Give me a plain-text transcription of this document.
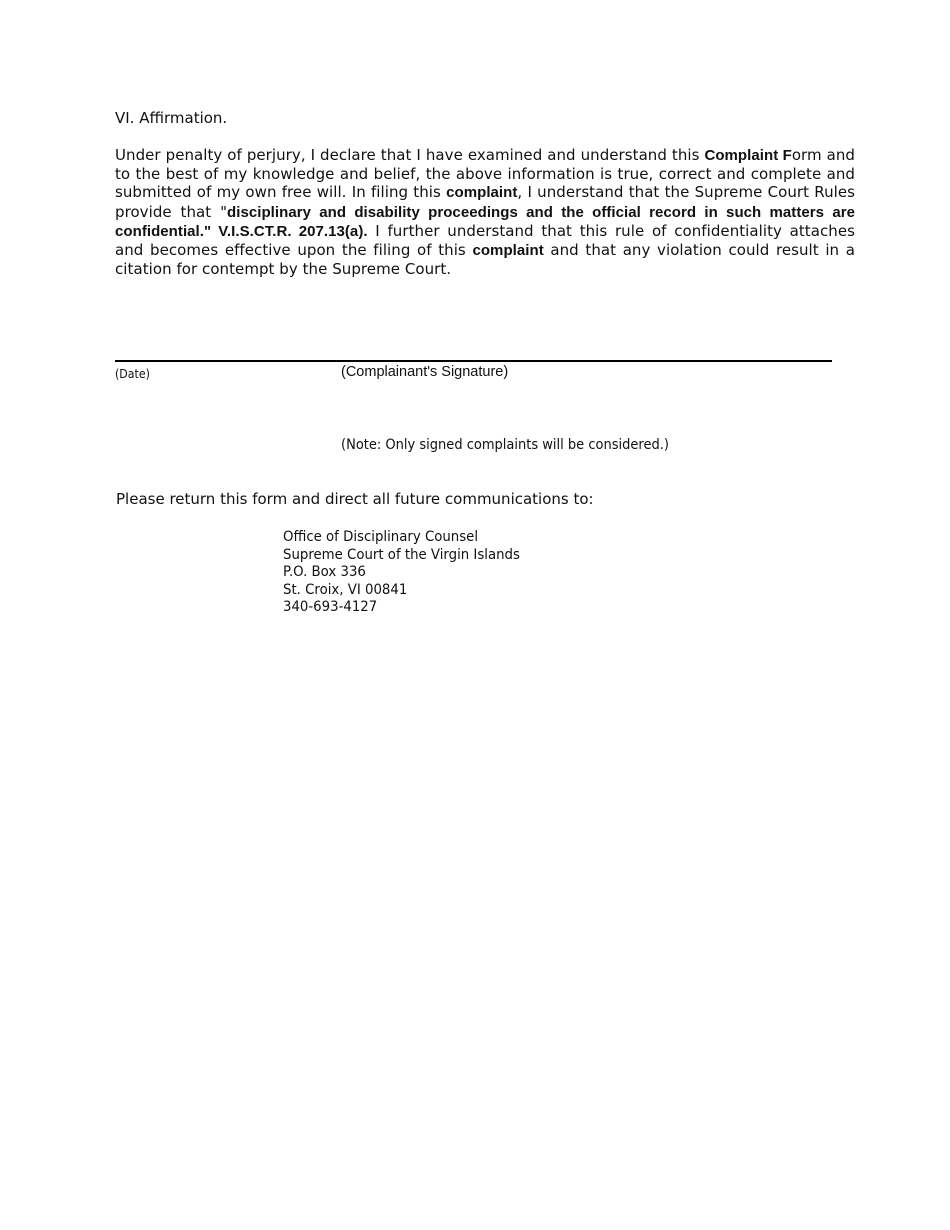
VI. Affirmation.
Under penalty of perjury, I declare that I have examined and understand this Complaint Form and to the best of my knowledge and belief, the above information is true, correct and complete and submitted of my own free will. In filing this complaint, I understand that the Supreme Court Rules provide that "disciplinary and disability proceedings and the official record in such matters are confidential." V.I.S.CT.R. 207.13(a). I further understand that this rule of confidentiality attaches and becomes effective upon the filing of this complaint and that any violation could result in a citation for contempt by the Supreme Court.
(Date)	(Complainant's Signature)
(Note: Only signed complaints will be considered.)
Please return this form and direct all future communications to:
Office of Disciplinary Counsel
Supreme Court of the Virgin Islands
P.O. Box 336
St. Croix, VI 00841
340-693-4127
